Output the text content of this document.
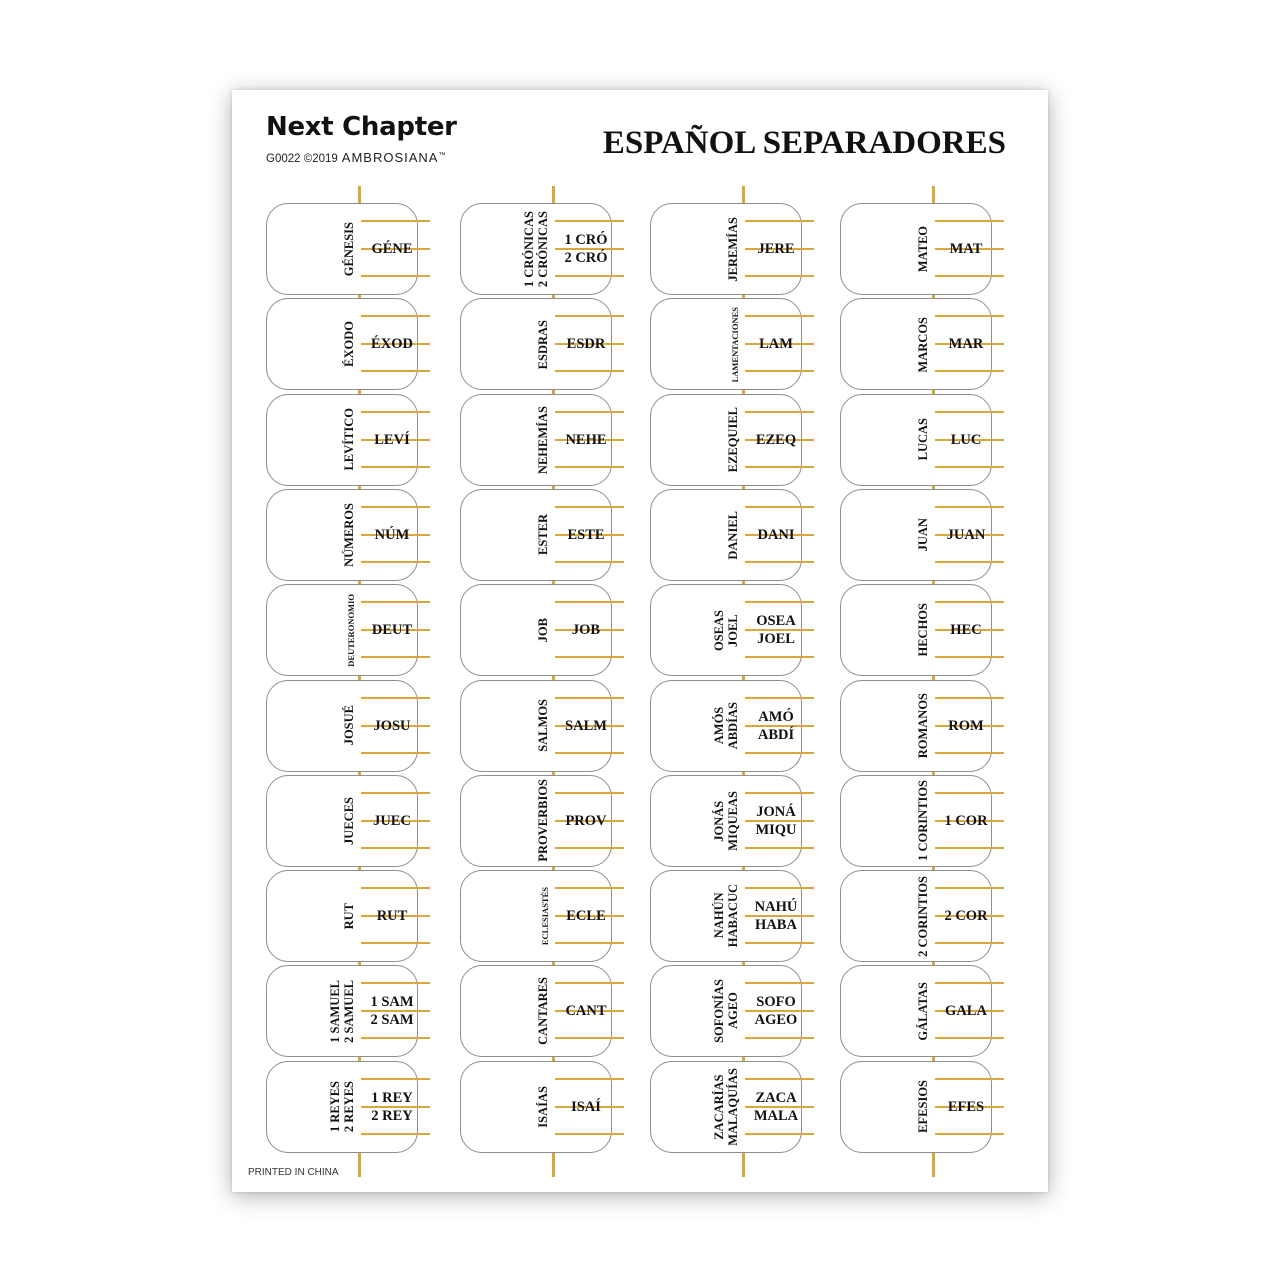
Next Chapter
G0022 ©2019 AMBROSIANA™	ESPAÑOL SEPARADORES
GÉNESIS GÉNE
ÉXODO ÉXOD
LEVÍTICO LEVÍ
NÚMEROS NÚM
DEUTERONOMIO DEUT
JOSUÉ JOSU
JUECES JUEC
RUT RUT
1 SAMUEL 2 SAMUEL 1 SAM
2 SAM
1 REYES 2 REYES 1 REY
2 REY
1 CRÓNICAS 2 CRÓNICAS 1 CRÓ
2 CRÓ
ESDRAS ESDR
NEHEMÍAS NEHE
ESTER ESTE
JOB JOB
SALMOS SALM
PROVERBIOS PROV
ECLESIASTÉS ECLE
CANTARES CANT
ISAÍAS ISAÍ
JEREMÍAS JERE
LAMENTACIONES LAM
EZEQUIEL EZEQ
DANIEL DANI
OSEAS JOEL OSEA
JOEL
AMÓS ABDÍAS AMÓ
ABDÍ
JONÁS MIQUEAS JONÁ
MIQU
NAHÚN HABACUC NAHÚ
HABA
SOFONÍAS AGEO SOFO
AGEO
ZACARÍAS MALAQUÍAS ZACA
MALA
MATEO MAT
MARCOS MAR
LUCAS LUC
JUAN JUAN
HECHOS HEC
ROMANOS ROM
1 CORINTIOS 1 COR
2 CORINTIOS 2 COR
GÁLATAS GALA
EFESIOS EFES
PRINTED IN CHINA
